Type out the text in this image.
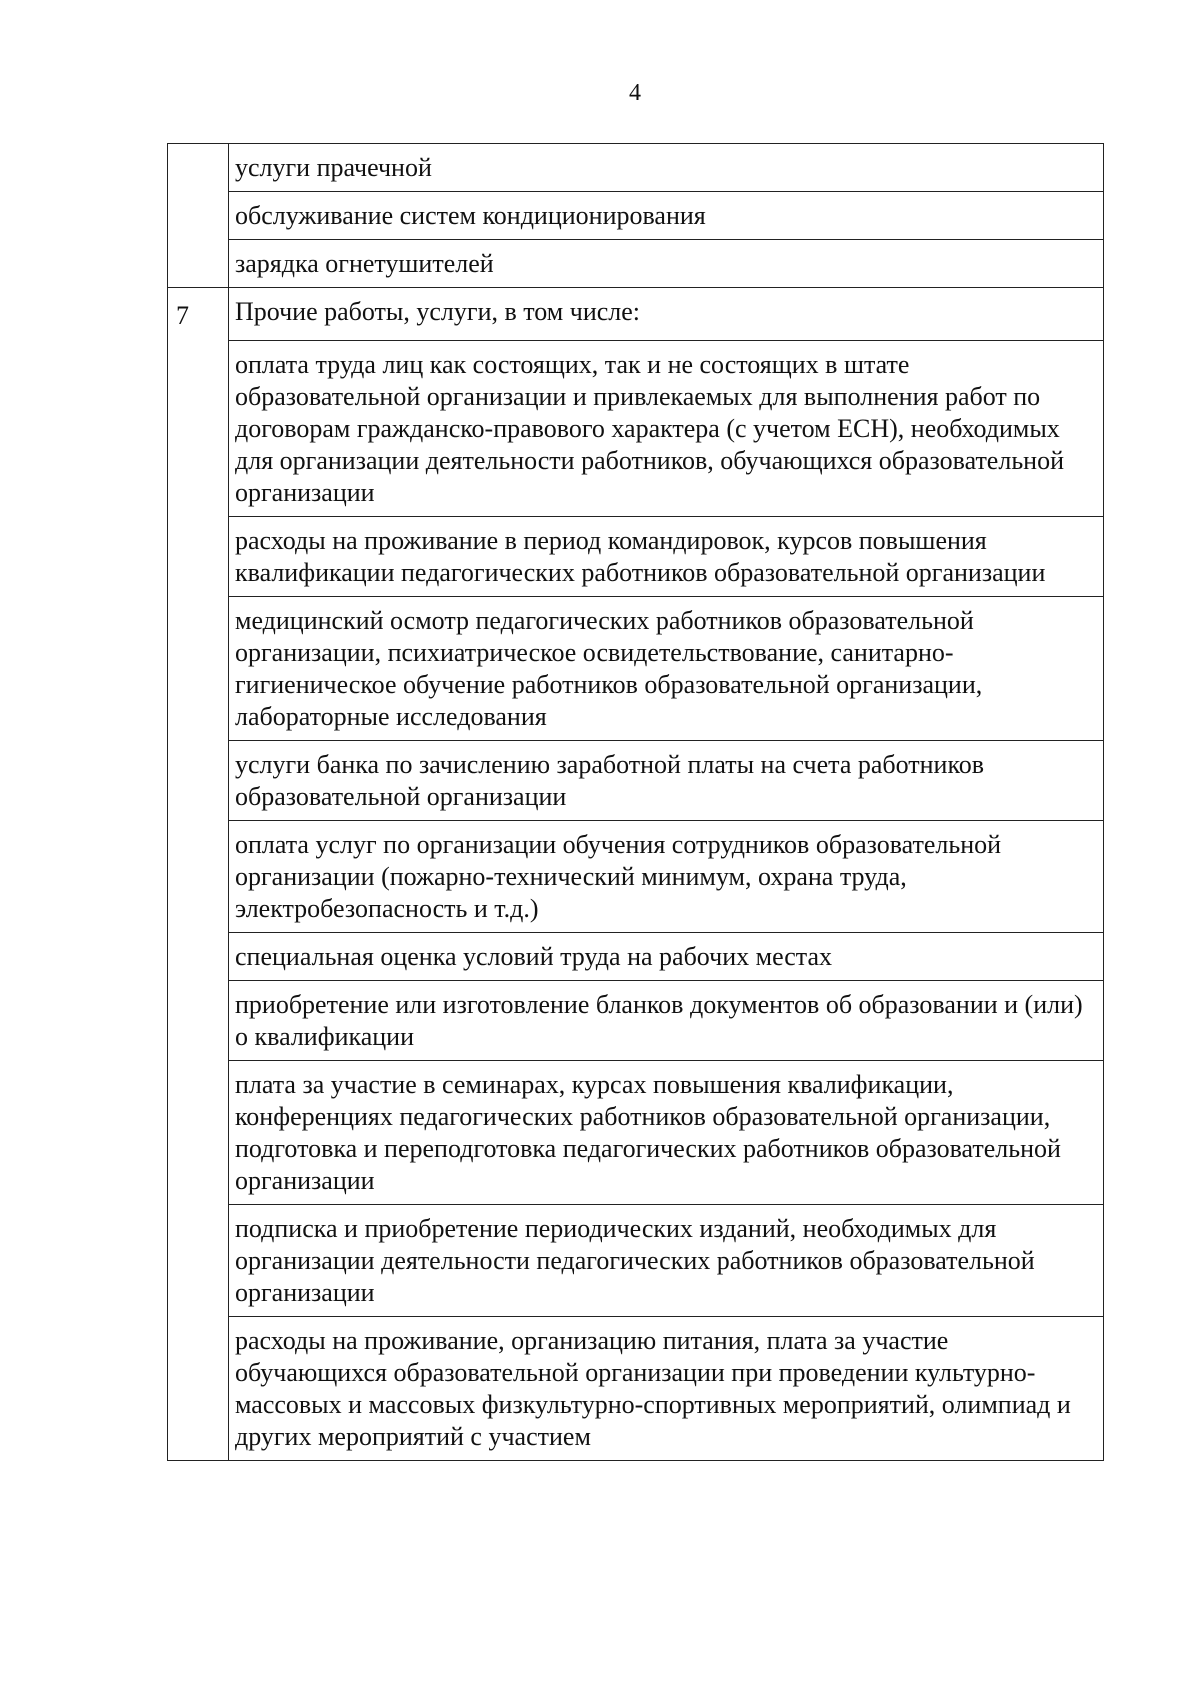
4
	услуги прачечной
	обслуживание систем кондиционирования
	зарядка огнетушителей
7	Прочие работы, услуги, в том числе:
	оплата труда лиц как состоящих, так и не состоящих в штате образовательной организации и привлекаемых для выполнения работ по договорам гражданско-правового характера (с учетом ЕСН), необходимых для организации деятельности работников, обучающихся образовательной организации
	расходы на проживание в период командировок, курсов повышения квалификации педагогических работников образовательной организации
	медицинский осмотр педагогических работников образовательной организации, психиатрическое освидетельствование, санитарно-гигиеническое обучение работников образовательной организации, лабораторные исследования
	услуги банка по зачислению заработной платы на счета работников образовательной организации
	оплата услуг по организации обучения сотрудников образовательной организации (пожарно-технический минимум, охрана труда, электробезопасность и т.д.)
	специальная оценка условий труда на рабочих местах
	приобретение или изготовление бланков документов об образовании и (или) о квалификации
	плата за участие в семинарах, курсах повышения квалификации, конференциях педагогических работников образовательной организации, подготовка и переподготовка педагогических работников образовательной организации
	подписка и приобретение периодических изданий, необходимых для организации деятельности педагогических работников образовательной организации
	расходы на проживание, организацию питания, плата за участие обучающихся образовательной организации при проведении культурно-массовых и массовых физкультурно-спортивных мероприятий, олимпиад и других мероприятий с участием
